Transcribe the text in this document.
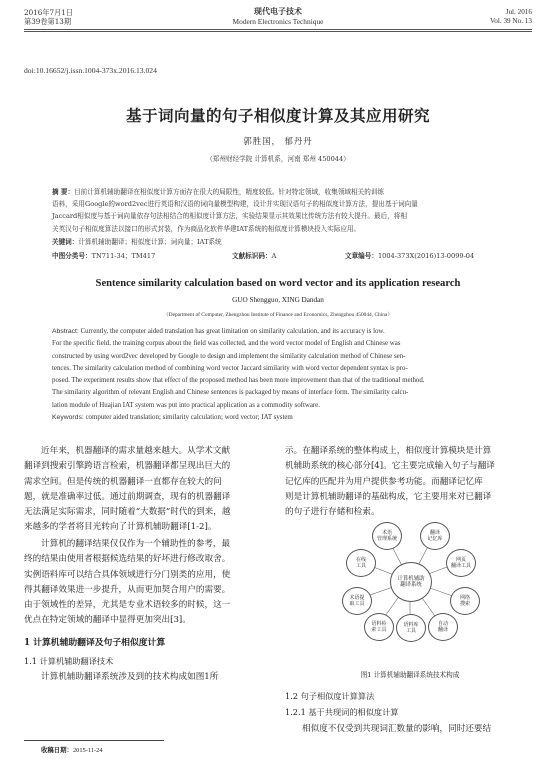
2016年7月1日
第39卷第13期
现代电子技术
Modern Electronics Technique
Jul. 2016
Vol. 39 No. 13
doi:10.16652/j.issn.1004-373x.2016.13.024
基于词向量的句子相似度计算及其应用研究
郭胜国， 郁丹丹
（郑州财经学院 计算机系，河南 郑州 450044）
摘 要：目前计算机辅助翻译在相似度计算方面存在很大的局限性，精度较低。针对特定领域，收集领域相关的训练
语料，采用Google的word2vec进行英语和汉语的词向量模型构建，设计并实现汉语句子的相似度计算方法，提出基于词向量
Jaccard相似度与基于词向量依存句法相结合的相似度计算方法，实验结果显示其效果比传统方法有较大提升。最后，将相
关英汉句子相似度算法以接口的形式封装，作为商品化软件华建IAT系统的相似度计算模块投入实际应用。
关键词：计算机辅助翻译；相似度计算；词向量；IAT系统
中图分类号：TN711-34；TM417	文献标识码：A	文章编号：1004-373X(2016)13-0099-04
Sentence similarity calculation based on word vector and its application research
GUO Shengguo, XING Dandan
（Department of Computer, Zhengzhou Institute of Finance and Economics, Zhengzhou 450044, China）
Abstract: Currently, the computer aided translation has great limitation on similarity calculation, and its accuracy is low.
For the specific field, the training corpus about the field was collected, and the word vector model of English and Chinese was
constructed by using word2vec developed by Google to design and implement the similarity calculation method of Chinese sen-
tences. The similarity calculation method of combining word vector Jaccard similarity with word vector dependent syntax is pro-
posed. The experiment results show that effect of the proposed method has been more improvement than that of the traditional method.
The similarity algorithm of relevant English and Chinese sentences is packaged by means of interface form. The similarity calcu-
lation module of Huajian IAT system was put into practical application as a commodity software.
Keywords: computer aided translation; similarity calculation; word vector; IAT system
近年来，机器翻译的需求量越来越大。从学术文献
翻译到搜索引擎跨语言检索，机器翻译都呈现出巨大的
需求空间。但是传统的机器翻译一直都存在较大的问
题，就是准确率过低。通过前期调查，现有的机器翻译
无法满足实际需求，同时随着“大数据”时代的到来，越
来越多的学者将目光转向了计算机辅助翻译[1-2]。
计算机的翻译结果仅仅作为一个辅助性的参考，最
终的结果由使用者根据候选结果的好坏进行修改取舍。
实例语料库可以结合具体领域进行分门别类的应用，使
得其翻译效果进一步提升，从而更加契合用户的需要。
由于领域性的差异，尤其是专业术语较多的时候，这一
优点在特定领域的翻译中显得更加突出[3]。
1 计算机辅助翻译及句子相似度计算
1.1 计算机辅助翻译技术
计算机辅助翻译系统涉及到的技术构成如图1所
收稿日期：2015-11-24
示。在翻译系统的整体构成上，相似度计算模块是计算
机辅助系统的核心部分[4]。它主要完成输入句子与翻译
记忆库的匹配并为用户提供参考功能。而翻译记忆库
则是计算机辅助翻译的基础构成，它主要用来对已翻译
的句子进行存储和检索。
计算机辅助
翻译系统
术语
管理系统
翻译
记忆库
网页
翻译工具
网络
搜索
自动
翻译
语料库
工具
语料检
索工具
术语提
取工具
在线
工具
图1 计算机辅助翻译系统技术构成
1.2 句子相似度计算算法
1.2.1 基于共现词的相似度计算
相似度不仅受到共现词汇数量的影响，同时还要结
